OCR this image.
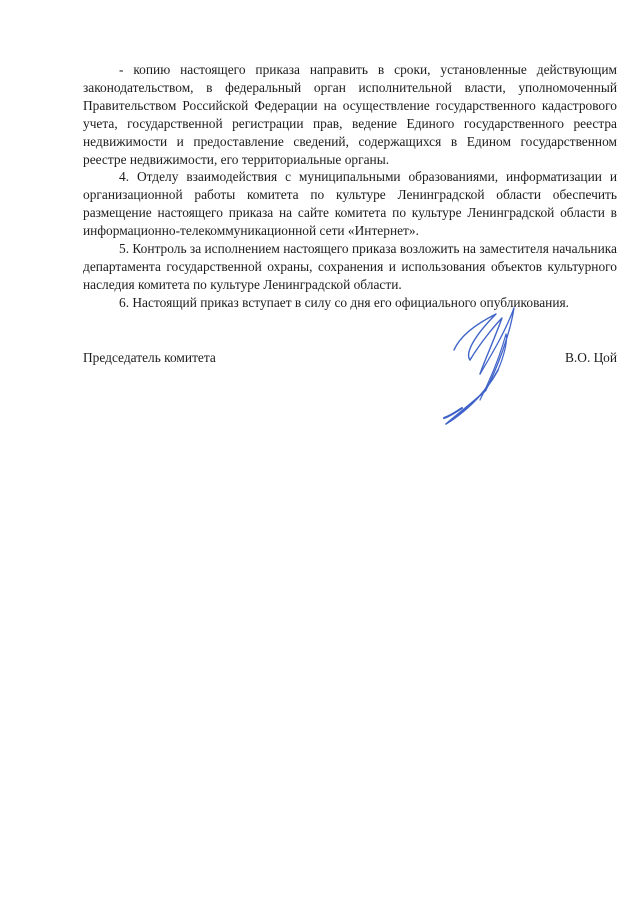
- копию настоящего приказа направить в сроки, установленные действующим законодательством, в федеральный орган исполнительной власти, уполномоченный Правительством Российской Федерации на осуществление государственного кадастрового учета, государственной регистрации прав, ведение Единого государственного реестра недвижимости и предоставление сведений, содержащихся в Едином государственном реестре недвижимости, его территориальные органы.

4. Отделу взаимодействия с муниципальными образованиями, информатизации и организационной работы комитета по культуре Ленинградской области обеспечить размещение настоящего приказа на сайте комитета по культуре Ленинградской области в информационно-телекоммуникационной сети «Интернет».

5. Контроль за исполнением настоящего приказа возложить на заместителя начальника департамента государственной охраны, сохранения и использования объектов культурного наследия комитета по культуре Ленинградской области.

6. Настоящий приказ вступает в силу со дня его официального опубликования.

Председатель комитета	В.О. Цой
